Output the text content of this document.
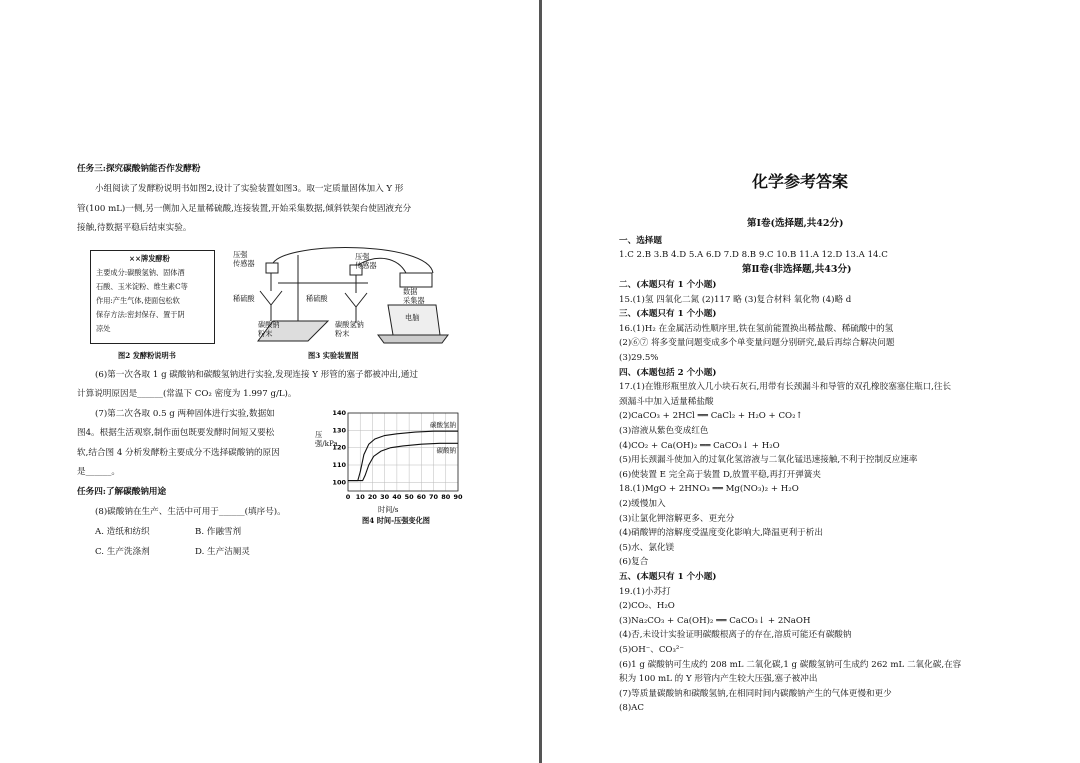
任务三:探究碳酸钠能否作发酵粉
小组阅读了发酵粉说明书如图2,设计了实验装置如图3。取一定质量固体加入 Y 形
管(100 mL)一侧,另一侧加入足量稀硫酸,连接装置,开始采集数据,倾斜铁架台使固液充分
接触,待数据平稳后结束实验。
××牌发酵粉
主要成分:碳酸氢钠、固体酒
石酸、玉米淀粉、维生素C等
作用:产生气体,使面包松软
保存方法:密封保存、置于阴
凉处
图2 发酵粉说明书
压强
传感器
压强
传感器
稀硫酸	稀硫酸
碳酸钠
粉末
碳酸氢钠
粉末
数据
采集器
电脑
图3 实验装置图
(6)第一次各取 1 g 碳酸钠和碳酸氢钠进行实验,发现连接 Y 形管的塞子都被冲出,通过
计算说明原因是______(常温下 CO₂ 密度为 1.997 g/L)。
(7)第二次各取 0.5 g 两种固体进行实验,数据如
图4。根据生活观察,制作面包既要发酵时间短又要松
软,结合图 4 分析发酵粉主要成分不选择碳酸钠的原因
是______。
任务四:了解碳酸钠用途
(8)碳酸钠在生产、生活中可用于______(填序号)。
A. 造纸和纺织	B. 作融雪剂
C. 生产洗涤剂	D. 生产洁厕灵
0 10 20 30 40 50 60 70 80 90
100
110
120
130
140
碳酸氢钠
碳酸钠
压强/kPa
时间/s
图4 时间-压强变化图
化学参考答案
第Ⅰ卷(选择题,共42分)
一、选择题
1.C 2.B 3.B 4.D 5.A 6.D 7.D 8.B 9.C 10.B 11.A 12.D 13.A 14.C
二、(本题只有 1 个小题)
15.(1)氢 四氧化二氮 (2)117 略 (3)复合材料 氧化物 (4)略 d
三、(本题只有 1 个小题)
16.(1)H₂ 在金属活动性顺序里,铁在氢前能置换出稀盐酸、稀硫酸中的氢
(2)⑥⑦ 将多变量问题变成多个单变量问题分别研究,最后再综合解决问题
(3)29.5%
四、(本题包括 2 个小题)
17.(1)在锥形瓶里放入几小块石灰石,用带有长颈漏斗和导管的双孔橡胶塞塞住瓶口,往长
颈漏斗中加入适量稀盐酸
(2)CaCO₃ + 2HCl ══ CaCl₂ + H₂O + CO₂↑
(3)溶液从紫色变成红色
(4)CO₂ + Ca(OH)₂ ══ CaCO₃↓ + H₂O
(5)用长颈漏斗使加入的过氧化氢溶液与二氧化锰迅速接触,不利于控制反应速率
(6)使装置 E 完全高于装置 D,放置平稳,再打开弹簧夹
18.(1)MgO + 2HNO₃ ══ Mg(NO₃)₂ + H₂O
(2)缓慢加入
(3)让氯化钾溶解更多、更充分
(4)硝酸钾的溶解度受温度变化影响大,降温更利于析出
(5)水、氯化镁
(6)复合
五、(本题只有 1 个小题)
19.(1)小苏打
(2)CO₂、H₂O
(3)Na₂CO₃ + Ca(OH)₂ ══ CaCO₃↓ + 2NaOH
(4)否,未设计实验证明碳酸根离子的存在,溶质可能还有碳酸钠
(5)OH⁻、CO₃²⁻
(6)1 g 碳酸钠可生成约 208 mL 二氧化碳,1 g 碳酸氢钠可生成约 262 mL 二氧化碳,在容
积为 100 mL 的 Y 形管内产生较大压强,塞子被冲出
(7)等质量碳酸钠和碳酸氢钠,在相同时间内碳酸钠产生的气体更慢和更少
(8)AC
第Ⅱ卷(非选择题,共43分)
